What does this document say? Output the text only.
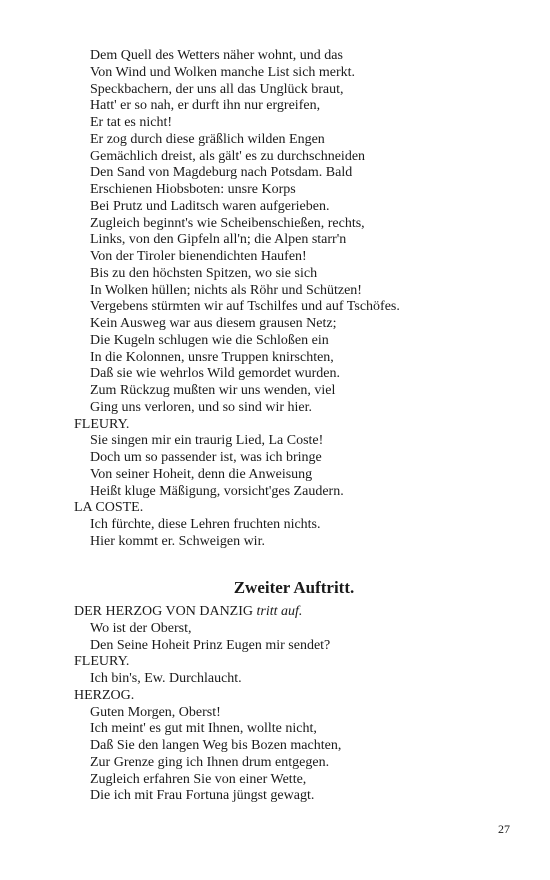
Dem Quell des Wetters näher wohnt, und das
Von Wind und Wolken manche List sich merkt.
Speckbachern, der uns all das Unglück braut,
Hatt' er so nah, er durft ihn nur ergreifen,
Er tat es nicht!
Er zog durch diese gräßlich wilden Engen
Gemächlich dreist, als gält' es zu durchschneiden
Den Sand von Magdeburg nach Potsdam. Bald
Erschienen Hiobsboten: unsre Korps
Bei Prutz und Laditsch waren aufgerieben.
Zugleich beginnt's wie Scheibenschießen, rechts,
Links, von den Gipfeln all'n; die Alpen starr'n
Von der Tiroler bienendichten Haufen!
Bis zu den höchsten Spitzen, wo sie sich
In Wolken hüllen; nichts als Röhr und Schützen!
Vergebens stürmten wir auf Tschilfes und auf Tschöfes.
Kein Ausweg war aus diesem grausen Netz;
Die Kugeln schlugen wie die Schloßen ein
In die Kolonnen, unsre Truppen knirschten,
Daß sie wie wehrlos Wild gemordet wurden.
Zum Rückzug mußten wir uns wenden, viel
Ging uns verloren, und so sind wir hier.
FLEURY.
Sie singen mir ein traurig Lied, La Coste!
Doch um so passender ist, was ich bringe
Von seiner Hoheit, denn die Anweisung
Heißt kluge Mäßigung, vorsicht'ges Zaudern.
LA COSTE.
Ich fürchte, diese Lehren fruchten nichts.
Hier kommt er. Schweigen wir.
Zweiter Auftritt.
DER HERZOG VON DANZIG tritt auf.
Wo ist der Oberst,
Den Seine Hoheit Prinz Eugen mir sendet?
FLEURY.
Ich bin's, Ew. Durchlaucht.
HERZOG.
Guten Morgen, Oberst!
Ich meint' es gut mit Ihnen, wollte nicht,
Daß Sie den langen Weg bis Bozen machten,
Zur Grenze ging ich Ihnen drum entgegen.
Zugleich erfahren Sie von einer Wette,
Die ich mit Frau Fortuna jüngst gewagt.
27
